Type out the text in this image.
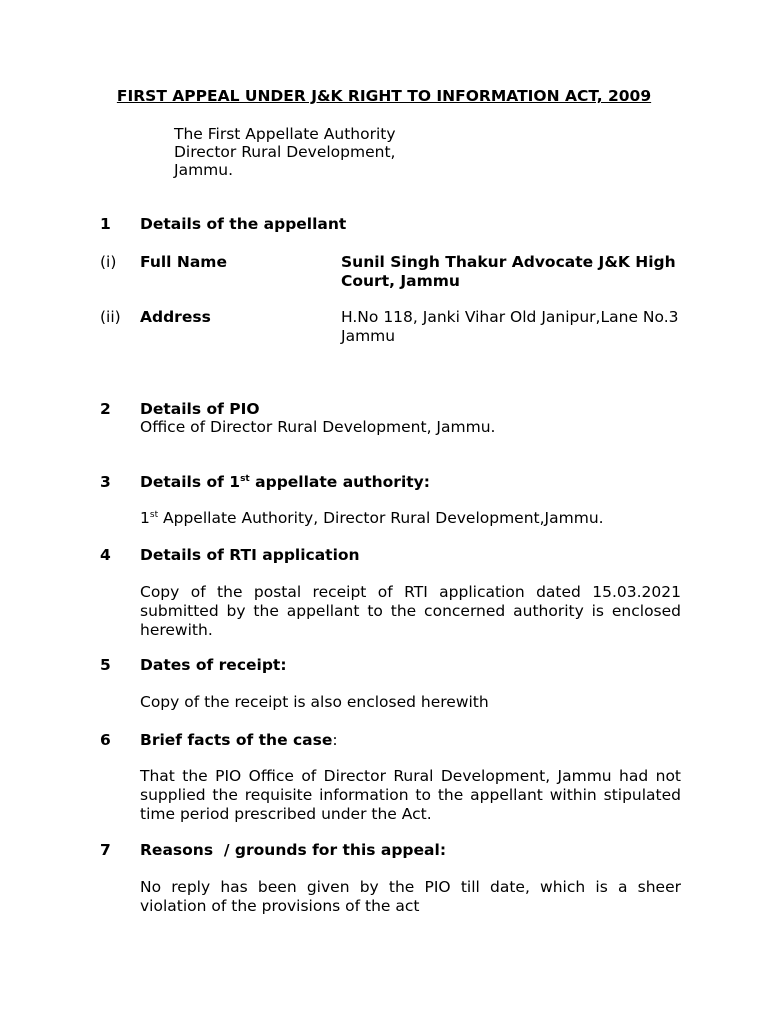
FIRST APPEAL UNDER J&K RIGHT TO INFORMATION ACT, 2009
The First Appellate Authority
Director Rural Development,
Jammu.
1 Details of the appellant
(i) Full Name	Sunil Singh Thakur Advocate J&K High Court, Jammu
(ii) Address	H.No 118, Janki Vihar Old Janipur,Lane No.3 Jammu
2 Details of PIO
Office of Director Rural Development, Jammu.
3 Details of 1st appellate authority:
1st Appellate Authority, Director Rural Development,Jammu.
4 Details of RTI application
Copy of the postal receipt of RTI application dated 15.03.2021 submitted by the appellant to the concerned authority is enclosed herewith.
5 Dates of receipt:
Copy of the receipt is also enclosed herewith
6 Brief facts of the case:
That the PIO Office of Director Rural Development, Jammu had not supplied the requisite information to the appellant within stipulated time period prescribed under the Act.
7 Reasons  / grounds for this appeal:
No reply has been given by the PIO till date, which is a sheer violation of the provisions of the act
